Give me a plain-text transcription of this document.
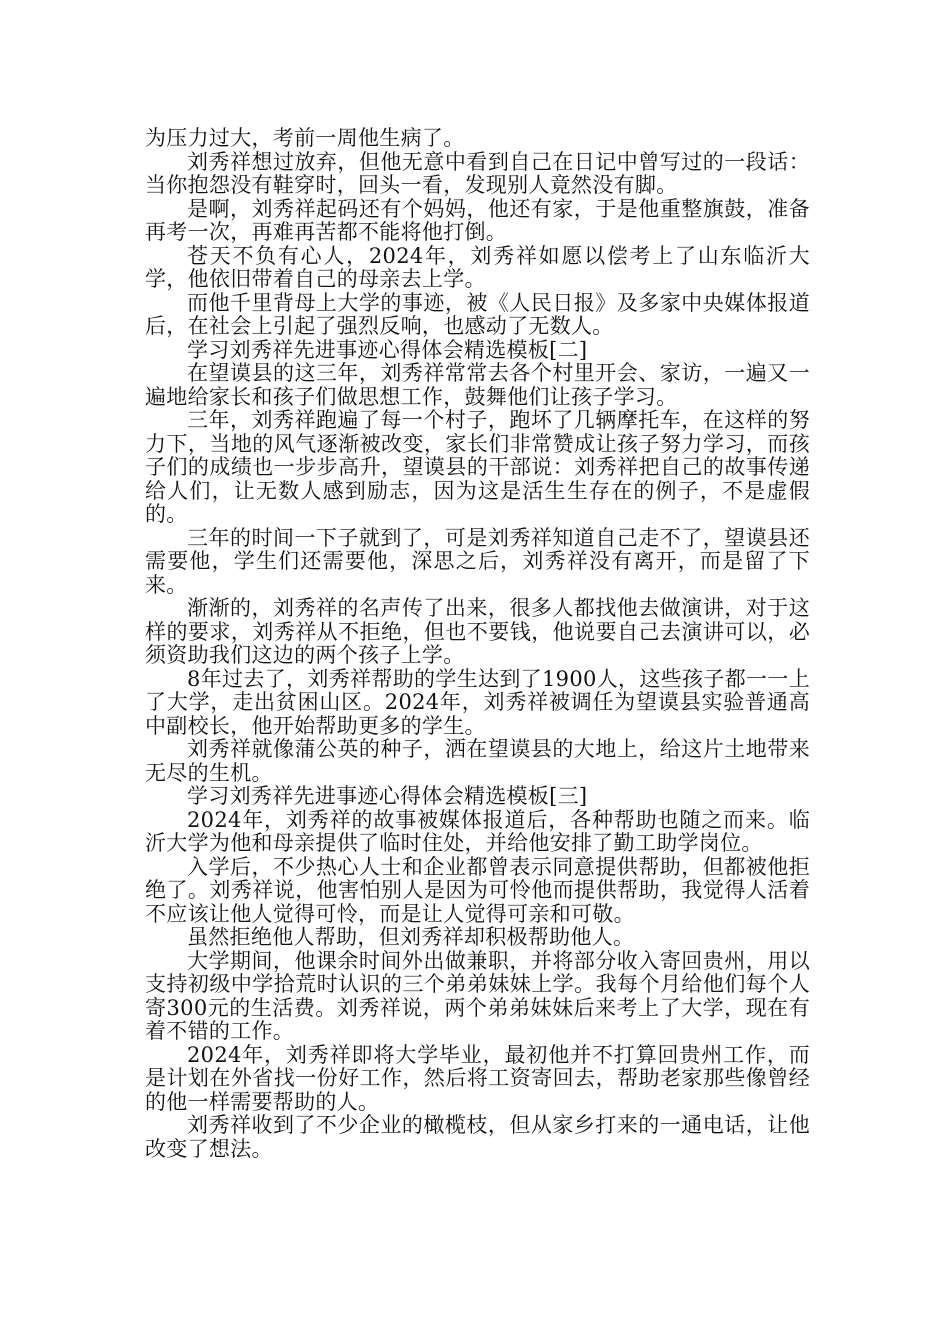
为压力过大，考前一周他生病了。

刘秀祥想过放弃，但他无意中看到自己在日记中曾写过的一段话：当你抱怨没有鞋穿时，回头一看，发现别人竟然没有脚。

是啊，刘秀祥起码还有个妈妈，他还有家，于是他重整旗鼓，准备再考一次，再难再苦都不能将他打倒。

苍天不负有心人，2024年，刘秀祥如愿以偿考上了山东临沂大学，他依旧带着自己的母亲去上学。

而他千里背母上大学的事迹，被《人民日报》及多家中央媒体报道后，在社会上引起了强烈反响，也感动了无数人。

学习刘秀祥先进事迹心得体会精选模板[二]

在望谟县的这三年，刘秀祥常常去各个村里开会、家访，一遍又一遍地给家长和孩子们做思想工作，鼓舞他们让孩子学习。

三年，刘秀祥跑遍了每一个村子，跑坏了几辆摩托车，在这样的努力下，当地的风气逐渐被改变，家长们非常赞成让孩子努力学习，而孩子们的成绩也一步步高升，望谟县的干部说：刘秀祥把自己的故事传递给人们，让无数人感到励志，因为这是活生生存在的例子，不是虚假的。

三年的时间一下子就到了，可是刘秀祥知道自己走不了，望谟县还需要他，学生们还需要他，深思之后，刘秀祥没有离开，而是留了下来。

渐渐的，刘秀祥的名声传了出来，很多人都找他去做演讲，对于这样的要求，刘秀祥从不拒绝，但也不要钱，他说要自己去演讲可以，必须资助我们这边的两个孩子上学。

8年过去了，刘秀祥帮助的学生达到了1900人，这些孩子都一一上了大学，走出贫困山区。2024年，刘秀祥被调任为望谟县实验普通高中副校长，他开始帮助更多的学生。

刘秀祥就像蒲公英的种子，洒在望谟县的大地上，给这片土地带来无尽的生机。

学习刘秀祥先进事迹心得体会精选模板[三]

2024年，刘秀祥的故事被媒体报道后，各种帮助也随之而来。临沂大学为他和母亲提供了临时住处，并给他安排了勤工助学岗位。

入学后，不少热心人士和企业都曾表示同意提供帮助，但都被他拒绝了。刘秀祥说，他害怕别人是因为可怜他而提供帮助，我觉得人活着不应该让他人觉得可怜，而是让人觉得可亲和可敬。

虽然拒绝他人帮助，但刘秀祥却积极帮助他人。

大学期间，他课余时间外出做兼职，并将部分收入寄回贵州，用以支持初级中学拾荒时认识的三个弟弟妹妹上学。我每个月给他们每个人寄300元的生活费。刘秀祥说，两个弟弟妹妹后来考上了大学，现在有着不错的工作。

2024年，刘秀祥即将大学毕业，最初他并不打算回贵州工作，而是计划在外省找一份好工作，然后将工资寄回去，帮助老家那些像曾经的他一样需要帮助的人。

刘秀祥收到了不少企业的橄榄枝，但从家乡打来的一通电话，让他改变了想法。
